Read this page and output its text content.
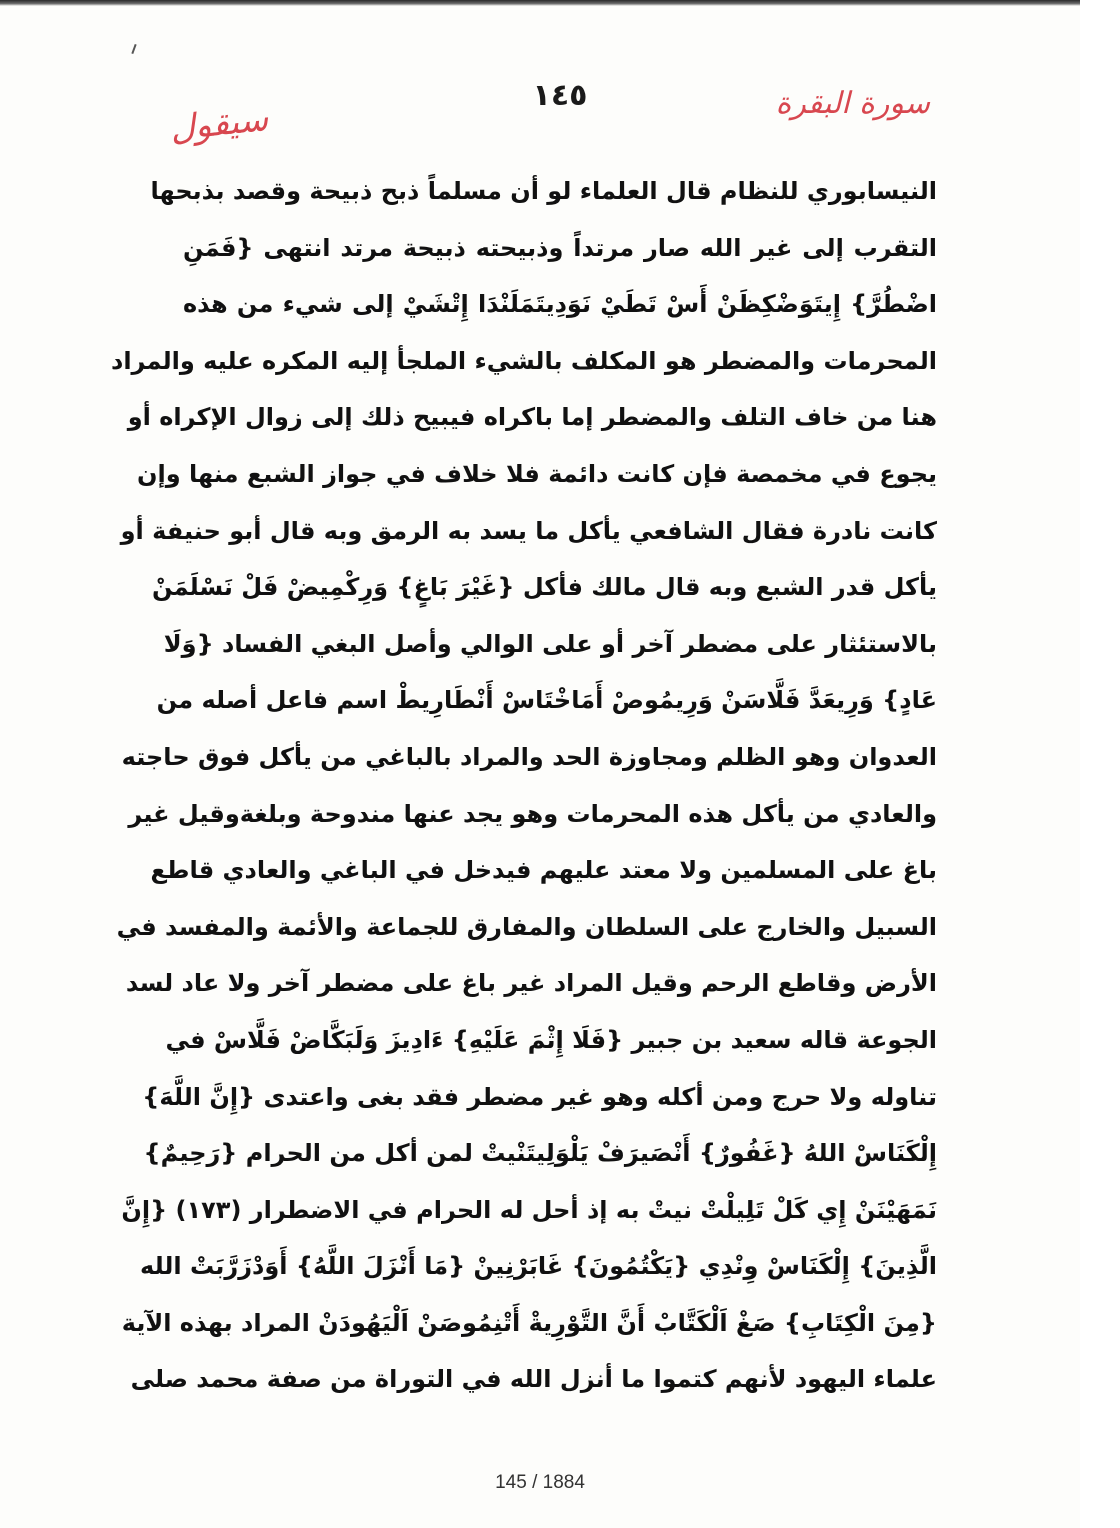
١٤٥	سورة البقرة
سيقول
النيسابوري للنظام قال العلماء لو أن مسلماً ذبح ذبيحة وقصد بذبحها
التقرب إلى غير الله صار مرتداً وذبيحته ذبيحة مرتد انتهى {فَمَنِ
اضْطُرَّ} إِيتَوَضْكِظَنْ أَسْ تَطَيْ نَوَدِيتَمَلَنْدَا إِتْشَيْ إلى شيء من هذه
المحرمات والمضطر هو المكلف بالشيء الملجأ إليه المكره عليه والمراد
هنا من خاف التلف والمضطر إما باكراه فيبيح ذلك إلى زوال الإكراه أو
يجوع في مخمصة فإن كانت دائمة فلا خلاف في جواز الشبع منها وإن
كانت نادرة فقال الشافعي يأكل ما يسد به الرمق وبه قال أبو حنيفة أو
يأكل قدر الشبع وبه قال مالك فأكل {غَيْرَ بَاغٍ} وَرِكْمِيضْ فَلْ نَسْلَمَنْ
بالاستئثار على مضطر آخر أو على الوالي وأصل البغي الفساد {وَلَا
عَادٍ} وَرِيعَدَّ فَلَّاسَنْ وَرِيمُوصْ أَمَاخْتَاسْ أَنْطَارِيطْ اسم فاعل أصله من
العدوان وهو الظلم ومجاوزة الحد والمراد بالباغي من يأكل فوق حاجته
والعادي من يأكل هذه المحرمات وهو يجد عنها مندوحة وبلغةوقيل غير
باغ على المسلمين ولا معتد عليهم فيدخل في الباغي والعادي قاطع
السبيل والخارج على السلطان والمفارق للجماعة والأئمة والمفسد في
الأرض وقاطع الرحم وقيل المراد غير باغ على مضطر آخر ولا عاد لسد
الجوعة قاله سعيد بن جبير {فَلَا إِثْمَ عَلَيْهِ} ءَادِيزَ وَلَبَكَّاضْ فَلَّاسْ في
تناوله ولا حرج ومن أكله وهو غير مضطر فقد بغى واعتدى {إِنَّ اللَّهَ}
إِلْكَنَاسْ اللهُ {غَفُورٌ} أَنْصَيرَفْ يَلْوَلِيتَنْيتْ لمن أكل من الحرام {رَحِيمٌ}
نَمَهَيْنَنْ إِي كَلْ تَلِيلْتْ نيتْ به إذ أحل له الحرام في الاضطرار (١٧٣) {إِنَّ
الَّذِينَ} إِلْكَنَاسْ وِنْدِي {يَكْتُمُونَ} غَابَرْنِينْ {مَا أَنْزَلَ اللَّهُ} أَوَدْزَرَّبَتْ الله
{مِنَ الْكِتَابِ} صَغْ اَلْكَتَّابْ أَنَّ التَّوْرِيةْ أَتْنِمُوصَنْ اَلْيَهُودَنْ المراد بهذه الآية
علماء اليهود لأنهم كتموا ما أنزل الله في التوراة من صفة محمد صلى
145 / 1884
